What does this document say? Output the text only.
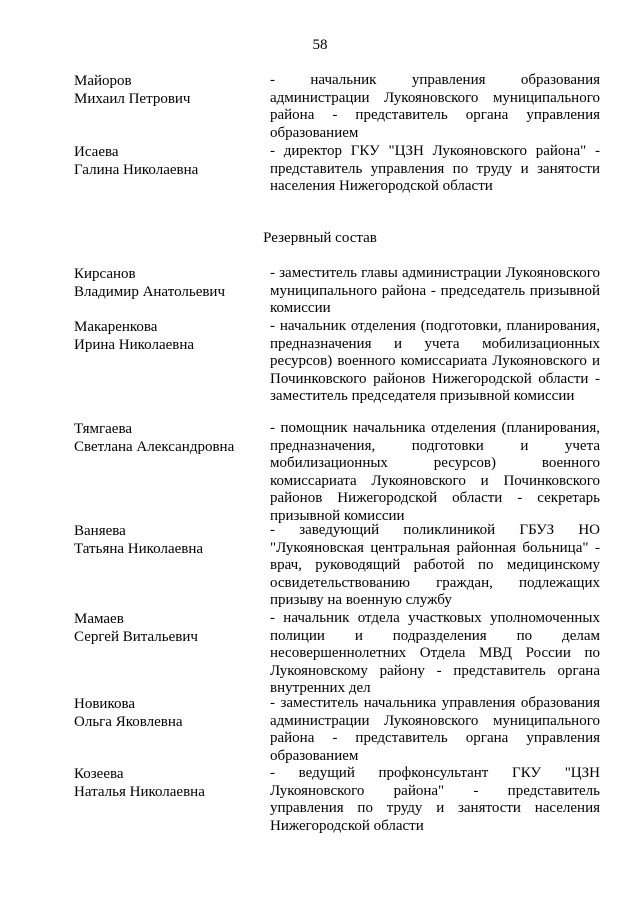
58
Майоров
Михаил Петрович
- начальник управления образования администрации Лукояновского муниципального района - представитель органа управления образованием
Исаева
Галина Николаевна
- директор ГКУ "ЦЗН Лукояновского района" - представитель управления по труду и занятости населения Нижегородской области
Резервный состав
Кирсанов
Владимир Анатольевич
- заместитель главы администрации Лукояновского муниципального района - председатель призывной комиссии
Макаренкова
Ирина Николаевна
- начальник отделения (подготовки, планирования, предназначения и учета мобилизационных ресурсов) военного комиссариата Лукояновского и Починковского районов Нижегородской области - заместитель председателя призывной комиссии
Тямгаева
Светлана Александровна
- помощник начальника отделения (планирования, предназначения, подготовки и учета мобилизационных ресурсов) военного комиссариата Лукояновского и Починковского районов Нижегородской области - секретарь призывной комиссии
Ваняева
Татьяна Николаевна
- заведующий поликлиникой ГБУЗ НО "Лукояновская центральная районная больница" - врач, руководящий работой по медицинскому освидетельствованию граждан, подлежащих призыву на военную службу
Мамаев
Сергей Витальевич
- начальник отдела участковых уполномоченных полиции и подразделения по делам несовершеннолетних Отдела МВД России по Лукояновскому району - представитель органа внутренних дел
Новикова
Ольга Яковлевна
- заместитель начальника управления образования администрации Лукояновского муниципального района - представитель органа управления образованием
Козеева
Наталья Николаевна
- ведущий профконсультант ГКУ "ЦЗН Лукояновского района" - представитель управления по труду и занятости населения Нижегородской области
